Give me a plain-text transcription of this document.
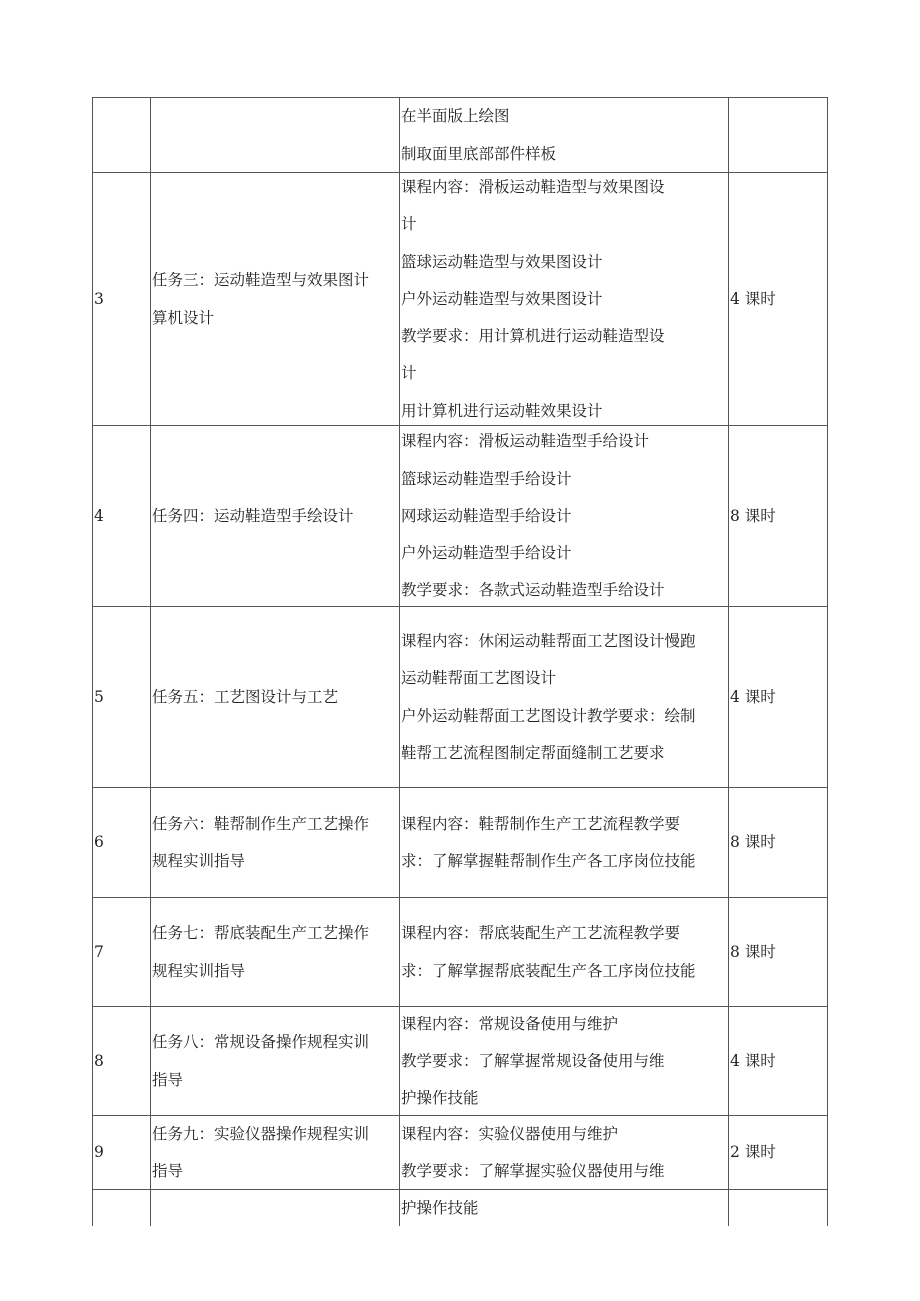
在半面版上绘图
制取面里底部部件样板
3
任务三：运动鞋造型与效果图计
算机设计
课程内容：滑板运动鞋造型与效果图设
计
篮球运动鞋造型与效果图设计
户外运动鞋造型与效果图设计
教学要求：用计算机进行运动鞋造型设
计
用计算机进行运动鞋效果设计
4 课时
4	任务四：运动鞋造型手绘设计
课程内容：滑板运动鞋造型手给设计
篮球运动鞋造型手给设计
网球运动鞋造型手给设计
户外运动鞋造型手给设计
教学要求：各款式运动鞋造型手给设计
8 课时
5	任务五：工艺图设计与工艺
课程内容：休闲运动鞋帮面工艺图设计慢跑
运动鞋帮面工艺图设计
户外运动鞋帮面工艺图设计教学要求：绘制
鞋帮工艺流程图制定帮面缝制工艺要求
4 课时
6
任务六：鞋帮制作生产工艺操作
规程实训指导
课程内容：鞋帮制作生产工艺流程教学要
求：了解掌握鞋帮制作生产各工序岗位技能
8 课时
7
任务七：帮底装配生产工艺操作
规程实训指导
课程内容：帮底装配生产工艺流程教学要
求：了解掌握帮底装配生产各工序岗位技能
8 课时
8
任务八：常规设备操作规程实训
指导
课程内容：常规设备使用与维护
教学要求：了解掌握常规设备使用与维
护操作技能
4 课时
9
任务九：实验仪器操作规程实训
指导
课程内容：实验仪器使用与维护
教学要求：了解掌握实验仪器使用与维
2 课时
护操作技能
